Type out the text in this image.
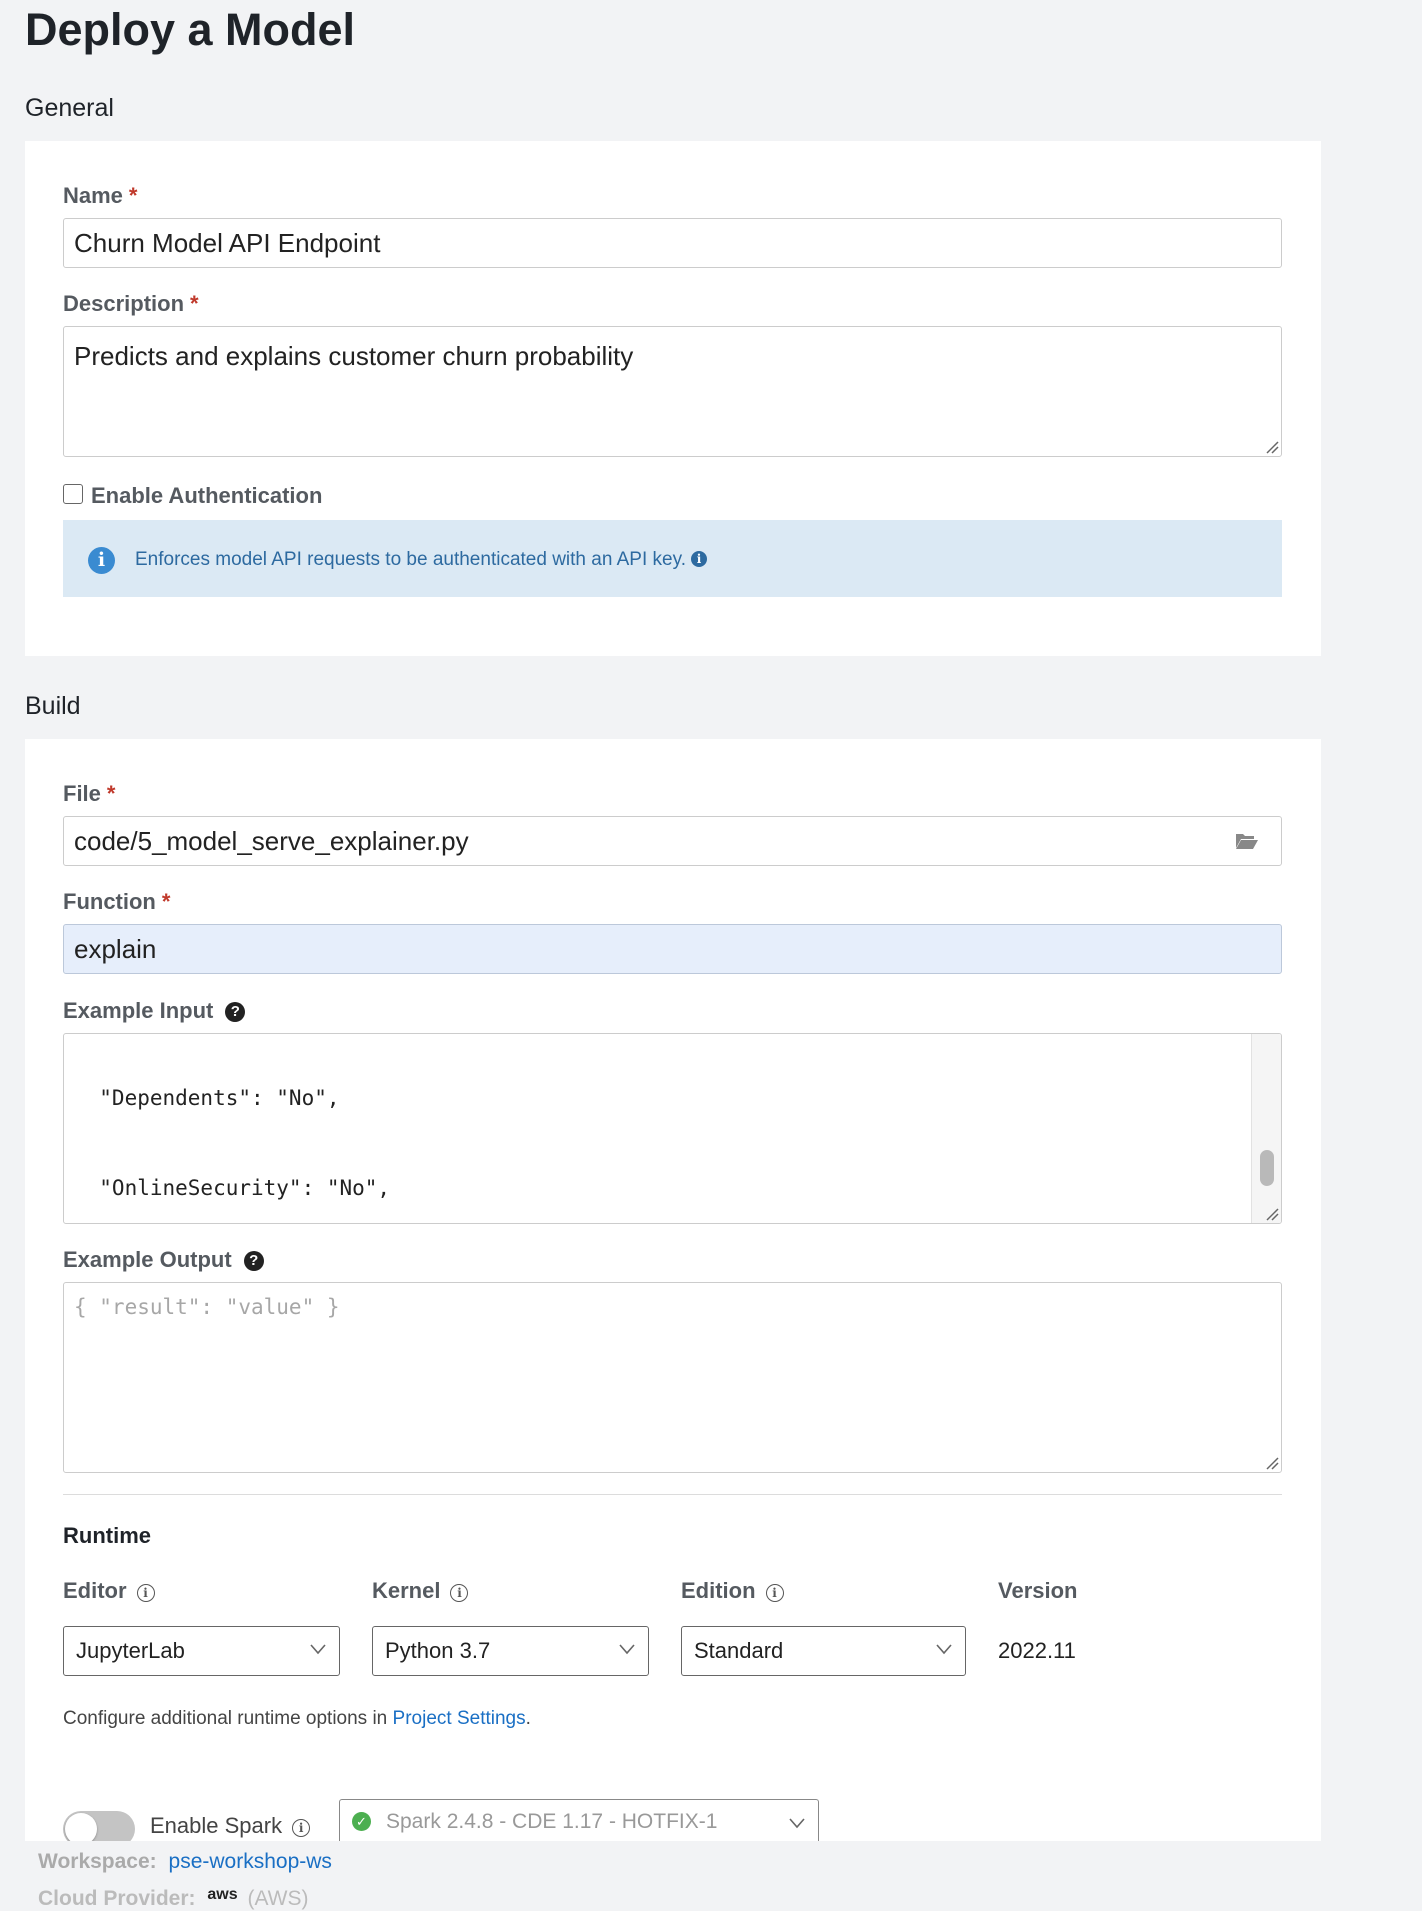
Deploy a Model
General
Name *
Churn Model API Endpoint
Description *
Predicts and explains customer churn probability
Enable Authentication
i	Enforces model API requests to be authenticated with an API key. i
Build
File *
code/5_model_serve_explainer.py
Function *
explain
Example Input ?

"Dependents": "No",

"OnlineSecurity": "No",

Example Output ?
{ "result": "value" }
Runtime
Editor i	Kernel i	Edition i	Version
JupyterLab	Python 3.7	Standard	2022.11
Configure additional runtime options in Project Settings.
Enable Spark i	✓ Spark 2.4.8 - CDE 1.17 - HOTFIX-1
Workspace: pse-workshop-ws
Cloud Provider: $^{aws}$ (AWS)
